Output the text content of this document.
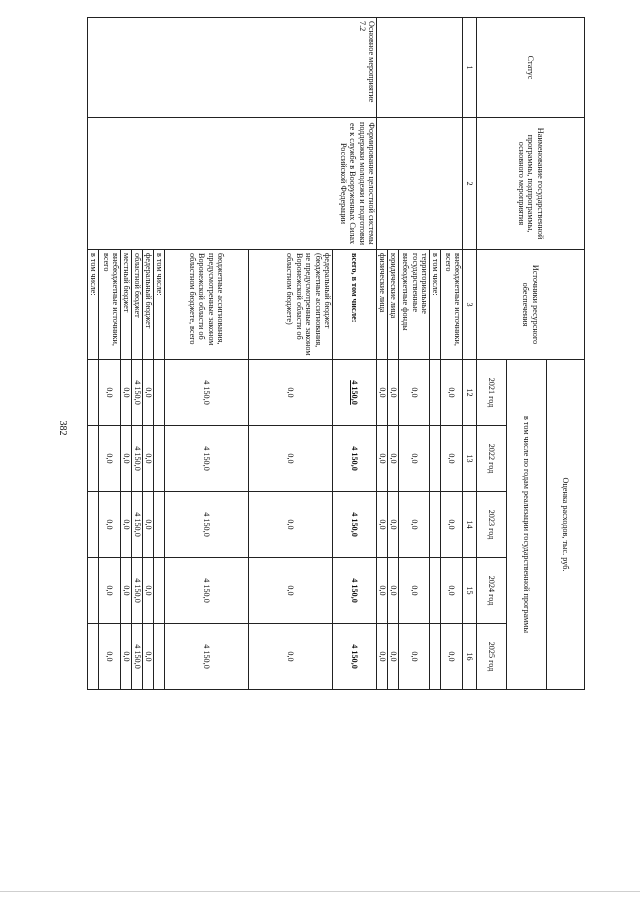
382
Статус	Наименование государственной программы, подпрограммы, основного мероприятия	Источники ресурсного обеспечения	Оценка расходов, тыс. руб.				
			в том числе по годам реализации государственной программы				
			2021 год	2022 год	2023 год	2024 год	2025 год
1	2	3	12	13	14	15	16
		внебюджетные источники, всего	0,0	0,0	0,0	0,0	0,0
		в том числе:					
		территориальные государственные внебюджетные фонды	0,0	0,0	0,0	0,0	0,0
		юридические лица	0,0	0,0	0,0	0,0	0,0
		физические лица	0,0	0,0	0,0	0,0	0,0
Основное мероприятие 7.2	Формирование целостной системы поддержки молодежи и подготовки ее к службе в Вооруженных Силах Российской Федерации	всего, в том числе:	4 150,0	4 150,0	4 150,0	4 150,0	4 150,0
		федеральный бюджет (бюджетные ассигнования, не предусмотренные законом Воронежской области об областном бюджете)	0,0	0,0	0,0	0,0	0,0
		бюджетные ассигнования, предусмотренные законом Воронежской области об областном бюджете, всего	4 150,0	4 150,0	4 150,0	4 150,0	4 150,0
		в том числе:					
		федеральный бюджет	0,0	0,0	0,0	0,0	0,0
		областной бюджет	4 150,0	4 150,0	4 150,0	4 150,0	4 150,0
		местный бюджет	0,0	0,0	0,0	0,0	0,0
		внебюджетные источники, всего	0,0	0,0	0,0	0,0	0,0
		в том числе:					
